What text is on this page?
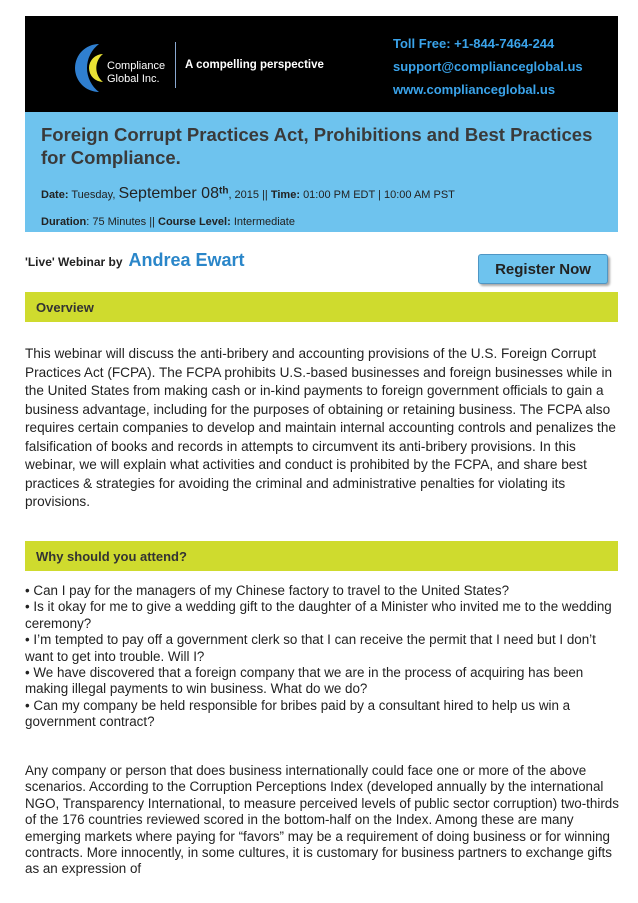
Compliance
Global Inc.
A compelling perspective
Toll Free: +1-844-7464-244
support@complianceglobal.us
www.complianceglobal.us
Foreign Corrupt Practices Act, Prohibitions and Best Practices for Compliance.
Date: Tuesday, September 08th, 2015 || Time: 01:00 PM EDT | 10:00 AM PST
Duration: 75 Minutes || Course Level: Intermediate
'Live' Webinar by Andrea Ewart	Register Now
Overview
This webinar will discuss the anti-bribery and accounting provisions of the U.S. Foreign Corrupt Practices Act (FCPA). The FCPA prohibits U.S.-based businesses and foreign businesses while in the United States from making cash or in-kind payments to foreign government officials to gain a business advantage, including for the purposes of obtaining or retaining business. The FCPA also requires certain companies to develop and maintain internal accounting controls and penalizes the falsification of books and records in attempts to circumvent its anti-bribery provisions. In this webinar, we will explain what activities and conduct is prohibited by the FCPA, and share best practices & strategies for avoiding the criminal and administrative penalties for violating its provisions.
Why should you attend?
• Can I pay for the managers of my Chinese factory to travel to the United States?
• Is it okay for me to give a wedding gift to the daughter of a Minister who invited me to the wedding ceremony?
• I’m tempted to pay off a government clerk so that I can receive the permit that I need but I don’t want to get into trouble. Will I?
• We have discovered that a foreign company that we are in the process of acquiring has been making illegal payments to win business. What do we do?
• Can my company be held responsible for bribes paid by a consultant hired to help us win a government contract?
Any company or person that does business internationally could face one or more of the above scenarios. According to the Corruption Perceptions Index (developed annually by the international NGO, Transparency International, to measure perceived levels of public sector corruption) two-thirds of the 176 countries reviewed scored in the bottom-half on the Index. Among these are many emerging markets where paying for “favors” may be a requirement of doing business or for winning contracts. More innocently, in some cultures, it is customary for business partners to exchange gifts as an expression of
